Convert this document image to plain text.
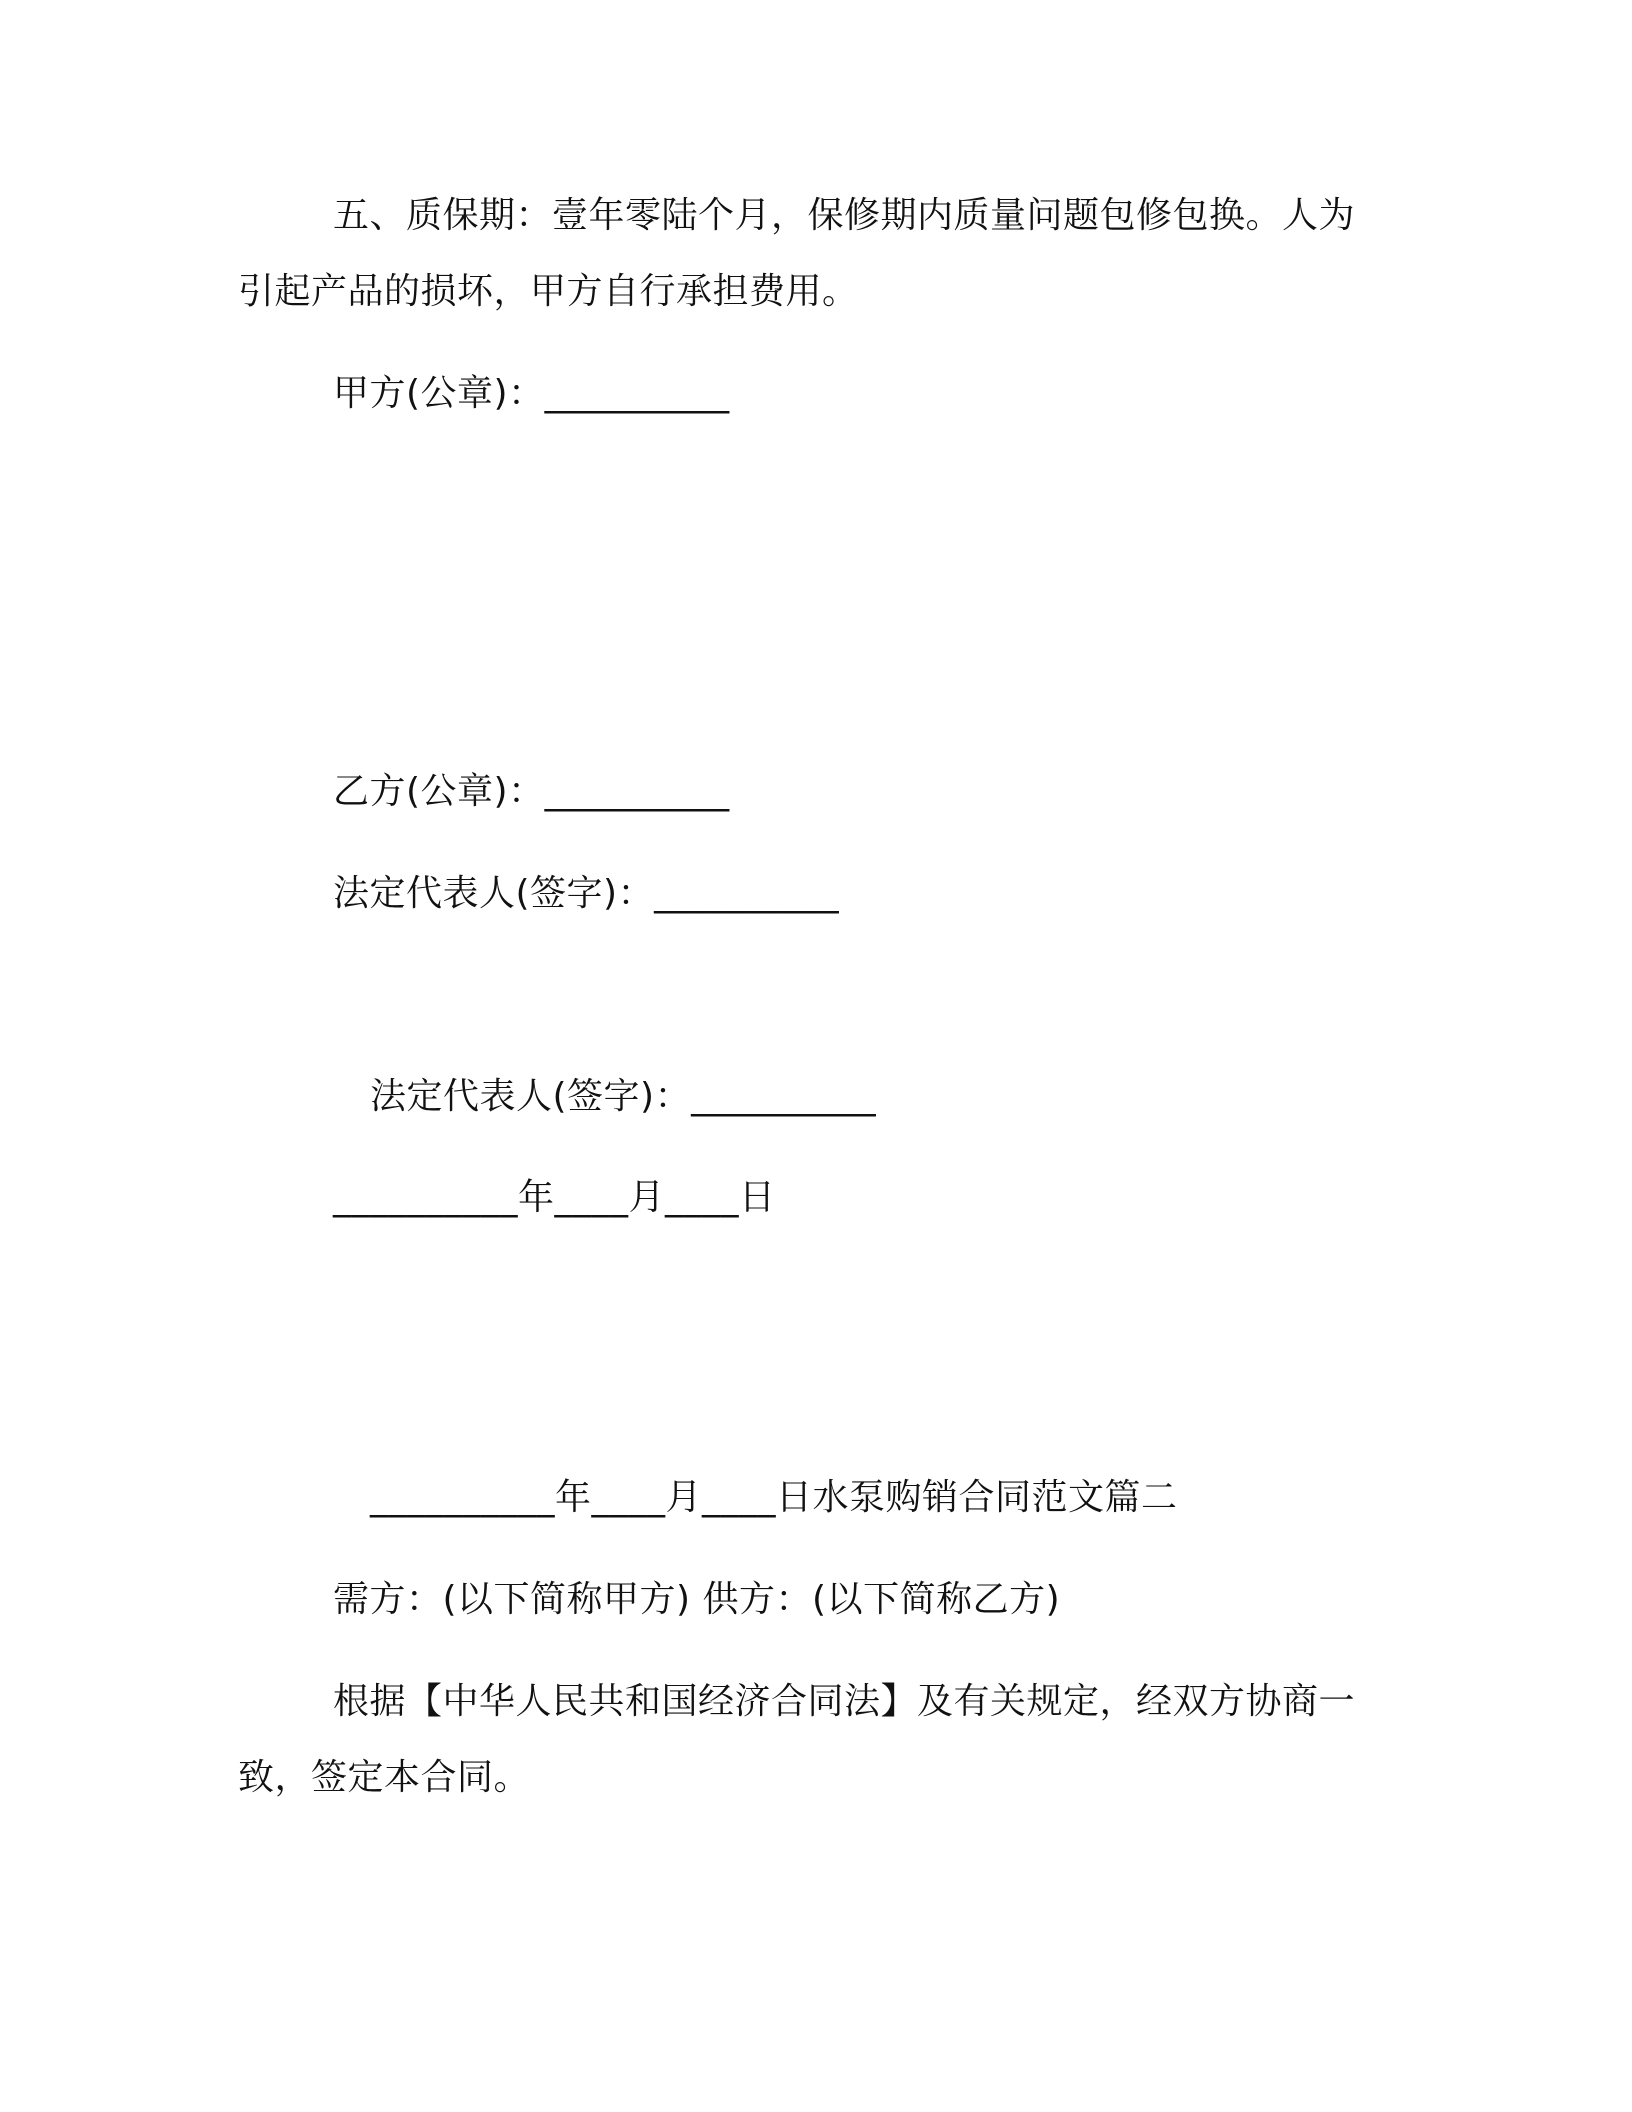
五、质保期：壹年零陆个月，保修期内质量问题包修包换。人为
引起产品的损坏，甲方自行承担费用。
甲方(公章)：__________
乙方(公章)：__________
法定代表人(签字)：__________
法定代表人(签字)：__________
__________年____月____日
__________年____月____日水泵购销合同范文篇二
需方：(以下简称甲方) 供方：(以下简称乙方)
根据【中华人民共和国经济合同法】及有关规定，经双方协商一
致，签定本合同。
